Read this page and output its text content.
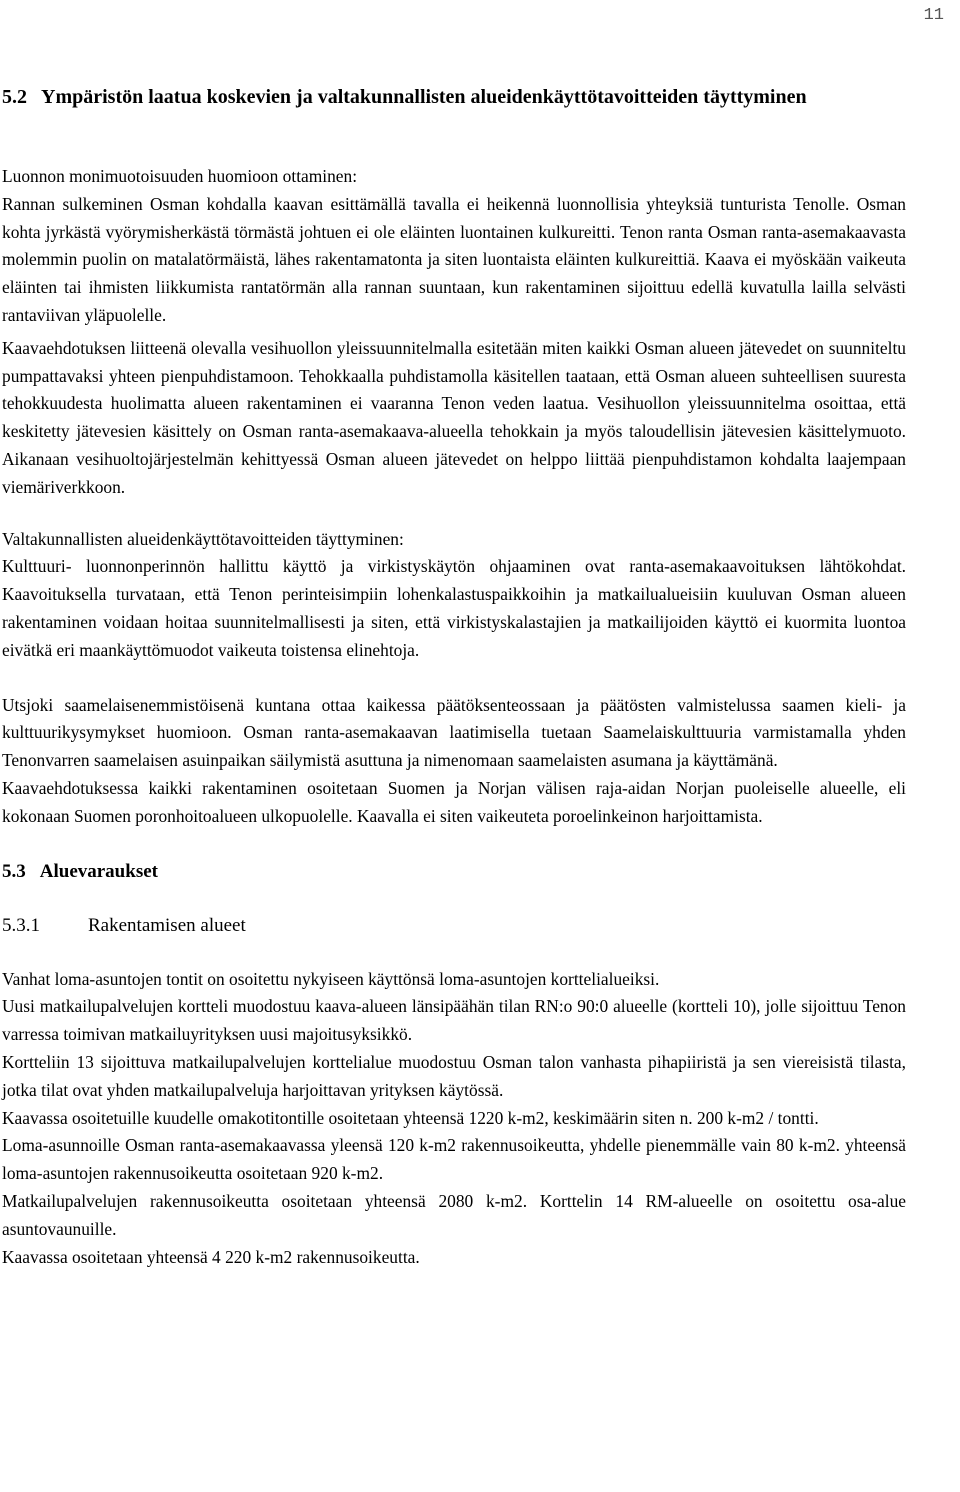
11

5.2 Ympäristön laatua koskevien ja valtakunnallisten alueidenkäyttötavoitteiden täyttyminen

Luonnon monimuotoisuuden huomioon ottaminen:

Rannan sulkeminen Osman kohdalla kaavan esittämällä tavalla ei heikennä luonnollisia yhteyksiä tunturista Tenolle. Osman kohta jyrkästä vyörymisherkästä törmästä johtuen ei ole eläinten luontainen kulkureitti. Tenon ranta Osman ranta-asemakaavasta molemmin puolin on matalatörmäistä, lähes rakentamatonta ja siten luontaista eläinten kulkureittiä. Kaava ei myöskään vaikeuta eläinten tai ihmisten liikkumista rantatörmän alla rannan suuntaan, kun rakentaminen sijoittuu edellä kuvatulla lailla selvästi rantaviivan yläpuolelle.

Kaavaehdotuksen liitteenä olevalla vesihuollon yleissuunnitelmalla esitetään miten kaikki Osman alueen jätevedet on suunniteltu pumpattavaksi yhteen pienpuhdistamoon. Tehokkaalla puhdistamolla käsitellen taataan, että Osman alueen suhteellisen suuresta tehokkuudesta huolimatta alueen rakentaminen ei vaaranna Tenon veden laatua. Vesihuollon yleissuunnitelma osoittaa, että keskitetty jätevesien käsittely on Osman ranta-asemakaava-alueella tehokkain ja myös taloudellisin jätevesien käsittelymuoto. Aikanaan vesihuoltojärjestelmän kehittyessä Osman alueen jätevedet on helppo liittää pienpuhdistamon kohdalta laajempaan viemäriverkkoon.

Valtakunnallisten alueidenkäyttötavoitteiden täyttyminen:

Kulttuuri- luonnonperinnön hallittu käyttö ja virkistyskäytön ohjaaminen ovat ranta-asemakaavoituksen lähtökohdat. Kaavoituksella turvataan, että Tenon perinteisimpiin lohenkalastuspaikkoihin ja matkailualueisiin kuuluvan Osman alueen rakentaminen voidaan hoitaa suunnitelmallisesti ja siten, että virkistyskalastajien ja matkailijoiden käyttö ei kuormita luontoa eivätkä eri maankäyttömuodot vaikeuta toistensa elinehtoja.

Utsjoki saamelaisenemmistöisenä kuntana ottaa kaikessa päätöksenteossaan ja päätösten valmistelussa saamen kieli- ja kulttuurikysymykset huomioon. Osman ranta-asemakaavan laatimisella tuetaan Saamelaiskulttuuria varmistamalla yhden Tenonvarren saamelaisen asuinpaikan säilymistä asuttuna ja nimenomaan saamelaisten asumana ja käyttämänä.

Kaavaehdotuksessa kaikki rakentaminen osoitetaan Suomen ja Norjan välisen raja-aidan Norjan puoleiselle alueelle, eli kokonaan Suomen poronhoitoalueen ulkopuolelle. Kaavalla ei siten vaikeuteta poroelinkeinon harjoittamista.

5.3 Aluevaraukset
5.3.1	Rakentamisen alueet

Vanhat loma-asuntojen tontit on osoitettu nykyiseen käyttönsä loma-asuntojen korttelialueiksi.

Uusi matkailupalvelujen kortteli muodostuu kaava-alueen länsipäähän tilan RN:o 90:0 alueelle (kortteli 10), jolle sijoittuu Tenon varressa toimivan matkailuyrityksen uusi majoitusyksikkö.

Kortteliin 13 sijoittuva matkailupalvelujen korttelialue muodostuu Osman talon vanhasta pihapiiristä ja sen viereisistä tilasta, jotka tilat ovat yhden matkailupalveluja harjoittavan yrityksen käytössä.

Kaavassa osoitetuille kuudelle omakotitontille osoitetaan yhteensä 1220 k-m2, keskimäärin siten n. 200 k-m2 / tontti.

Loma-asunnoille Osman ranta-asemakaavassa yleensä 120 k-m2 rakennusoikeutta, yhdelle pienemmälle vain 80 k-m2. yhteensä loma-asuntojen rakennusoikeutta osoitetaan 920 k-m2.

Matkailupalvelujen rakennusoikeutta osoitetaan yhteensä 2080 k-m2. Korttelin 14 RM-alueelle on osoitettu osa-alue asuntovaunuille.

Kaavassa osoitetaan yhteensä 4 220 k-m2 rakennusoikeutta.
